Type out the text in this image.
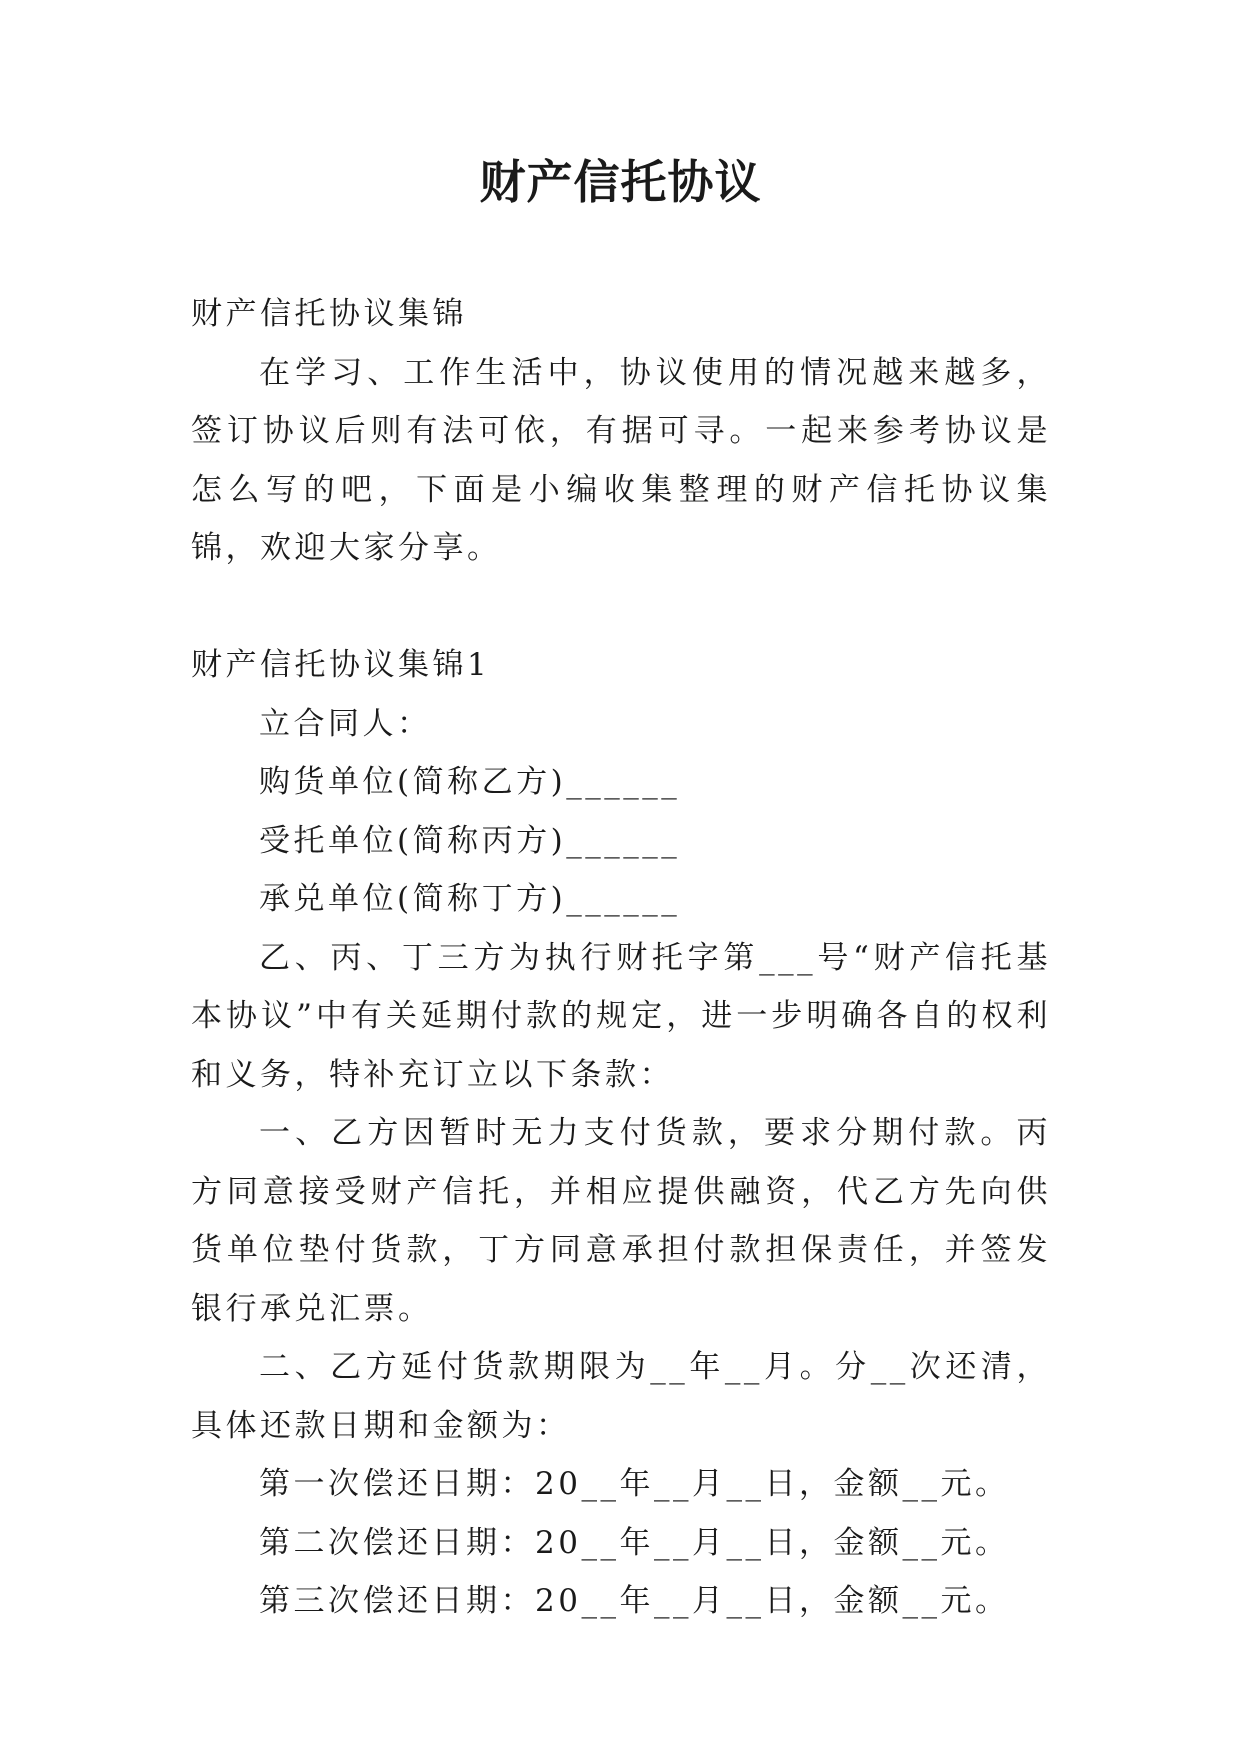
财产信托协议

财产信托协议集锦

在学习、工作生活中，协议使用的情况越来越多，签订协议后则有法可依，有据可寻。一起来参考协议是怎么写的吧，下面是小编收集整理的财产信托协议集锦，欢迎大家分享。

财产信托协议集锦1

立合同人：

购货单位(简称乙方)______

受托单位(简称丙方)______

承兑单位(简称丁方)______

乙、丙、丁三方为执行财托字第___号“财产信托基本协议”中有关延期付款的规定，进一步明确各自的权利和义务，特补充订立以下条款：

一、乙方因暂时无力支付货款，要求分期付款。丙方同意接受财产信托，并相应提供融资，代乙方先向供货单位垫付货款，丁方同意承担付款担保责任，并签发银行承兑汇票。

二、乙方延付货款期限为__年__月。分__次还清，具体还款日期和金额为：

第一次偿还日期：20__年__月__日，金额__元。

第二次偿还日期：20__年__月__日，金额__元。

第三次偿还日期：20__年__月__日，金额__元。
